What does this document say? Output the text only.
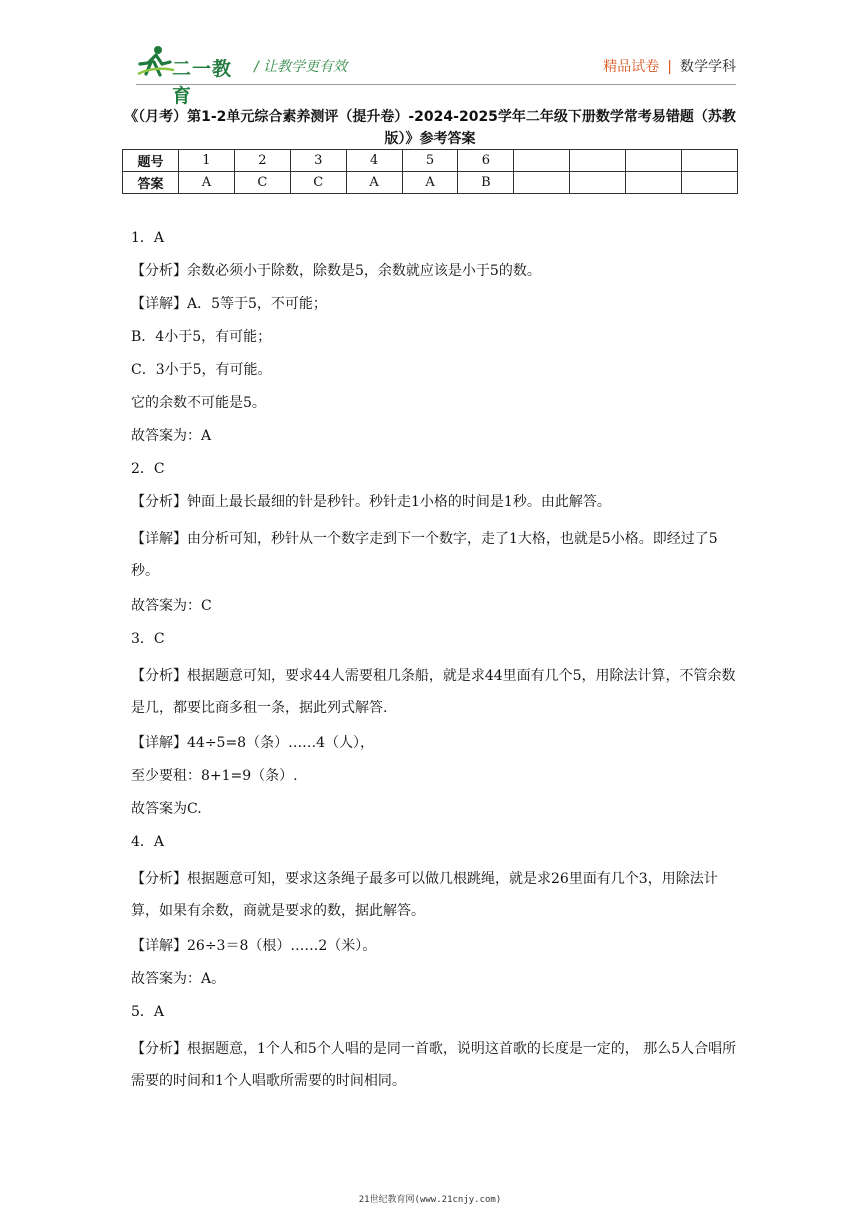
二一教育
/ 让教学更有效	精品试卷 | 数学学科
《（月考）第1-2单元综合素养测评（提升卷）-2024-2025学年二年级下册数学常考易错题（苏教版）》参考答案
题号	1	2	3	4	5	6				
答案	A	C	C	A	A	B				

1．A

【分析】余数必须小于除数，除数是5，余数就应该是小于5的数。

【详解】A．5等于5，不可能；

B．4小于5，有可能；

C．3小于5，有可能。

它的余数不可能是5。

故答案为：A

2．C

【分析】钟面上最长最细的针是秒针。秒针走1小格的时间是1秒。由此解答。

【详解】由分析可知，秒针从一个数字走到下一个数字，走了1大格，也就是5小格。即经过了5秒。

故答案为：C

3．C

【分析】根据题意可知，要求44人需要租几条船，就是求44里面有几个5，用除法计算，不管余数是几，都要比商多租一条，据此列式解答.

【详解】44÷5=8（条）……4（人），

至少要租：8+1=9（条）.

故答案为C.

4．A

【分析】根据题意可知，要求这条绳子最多可以做几根跳绳，就是求26里面有几个3，用除法计算，如果有余数，商就是要求的数，据此解答。

【详解】26÷3＝8（根）……2（米）。

故答案为：A。

5．A

【分析】根据题意，1个人和5个人唱的是同一首歌，说明这首歌的长度是一定的， 那么5人合唱所需要的时间和1个人唱歌所需要的时间相同。

21世纪教育网(www.21cnjy.com)
